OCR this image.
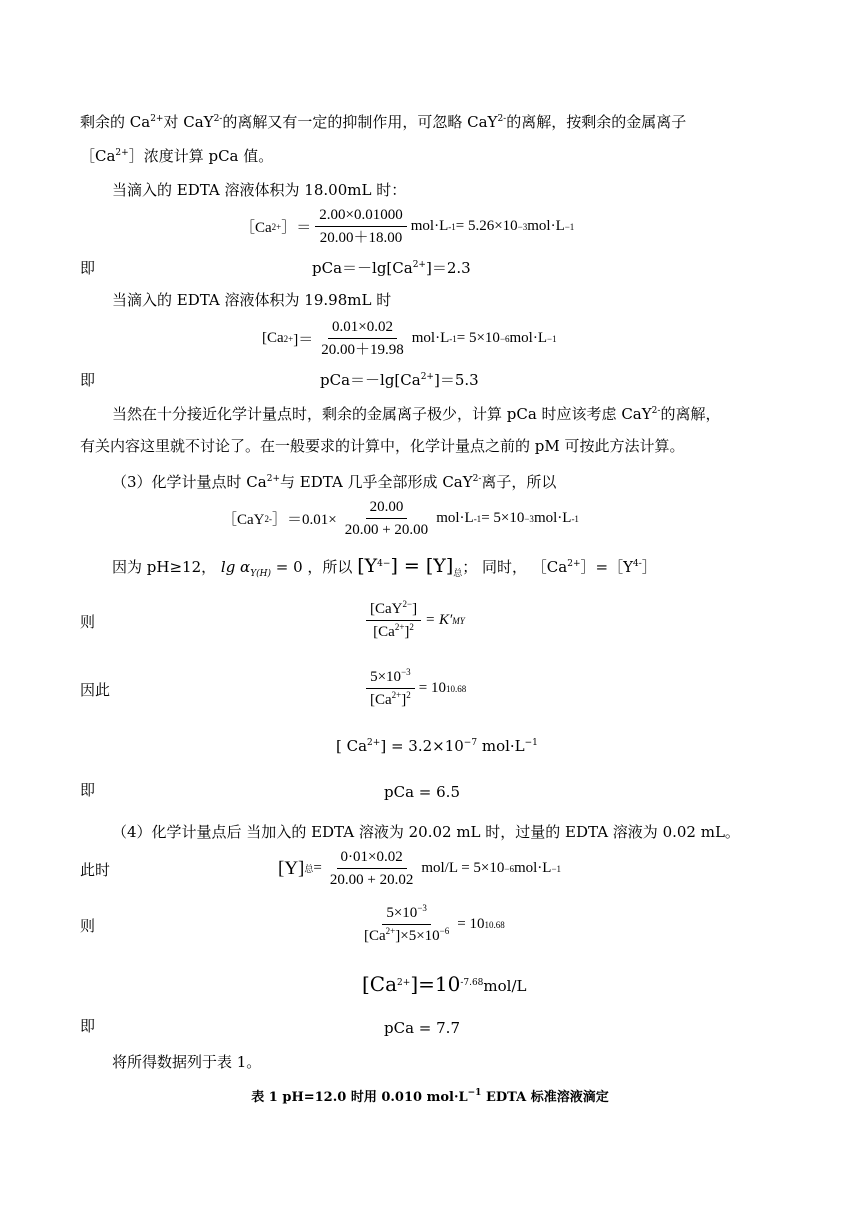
剩余的 $Ca^{2+}$对 CaY$^{2-}$的离解又有一定的抑制作用，可忽略 CaY$^{2-}$的离解，按剩余的金属离子
$[Ca^{2+}]$浓度计算 pCa 值。
当滴入的 EDTA 溶液体积为 18.00mL 时：
［Ca 2+ ］＝ $\frac{2.00\times 0.01000}{20.00+18.00} mol\cdot L$ -1 = 5.26×10 −3 mol·L −1
即	$pCa=-\lg[Ca^{2+}]=2.3$
当滴入的 EDTA 溶液体积为 19.98mL 时
[Ca 2+ ]＝ $\frac{0.01\times 0.02}{20.00+19.98} mol\cdot L$ -1 = 5×10 −6 mol·L −1
即	$pCa=-\lg[Ca^{2+}]=5.3$
当然在十分接近化学计量点时，剩余的金属离子极少，计算 pCa 时应该考虑 CaY$^{2-}$的离解，
有关内容这里就不讨论了。在一般要求的计算中，化学计量点之前的 pM 可按此方法计算。
（3）化学计量点时 $Ca^{2+}$与 EDTA 几乎全部形成 CaY$^{2-}$离子，所以
［CaY 2- ］＝0.01× $\frac{20.00}{20.00 + 20.00} mol\cdot L$ -1 = 5×10 −3 mol·L -1
因为 pH≥12， $\lg \alpha_{Y(H)} = 0$ ，所以 $[Y^{4-}] = [Y]_总$； 同时， $[Ca^{2+}]=[Y^{4-}]$
则	$\frac{[CaY^{2-}]}{[Ca^{2+}]^2} = K'$ MY
因此	$\frac{5\times 10^{-3}}{[Ca^{2+}]^2} = 10$ 10.68
[ $Ca^{2+}] = 3.2\times 10^{-7}$ $mol\cdot L^{-1}$
即	pCa = 6.5
（4）化学计量点后 当加入的 EDTA 溶液为 20.02 mL 时，过量的 EDTA 溶液为 0.02 mL。
此时	[Y] 总 = $\frac{0\cdot 01\times 0.02}{20.00 + 20.02} mol/L = 5\times 10 -6$ mol·L −1
则	$\frac{5\times 10^{-3}}{[Ca^{2+}]\times 5\times 10^{-6}} = 10$ 10.68
$[Ca^{2+}]=10^{-7.68}mol/L$
即	pCa = 7.7
将所得数据列于表 1。
表 1 pH=12.0 时用 0.010 $mol\cdot L^{-1}$ EDTA 标准溶液滴定
